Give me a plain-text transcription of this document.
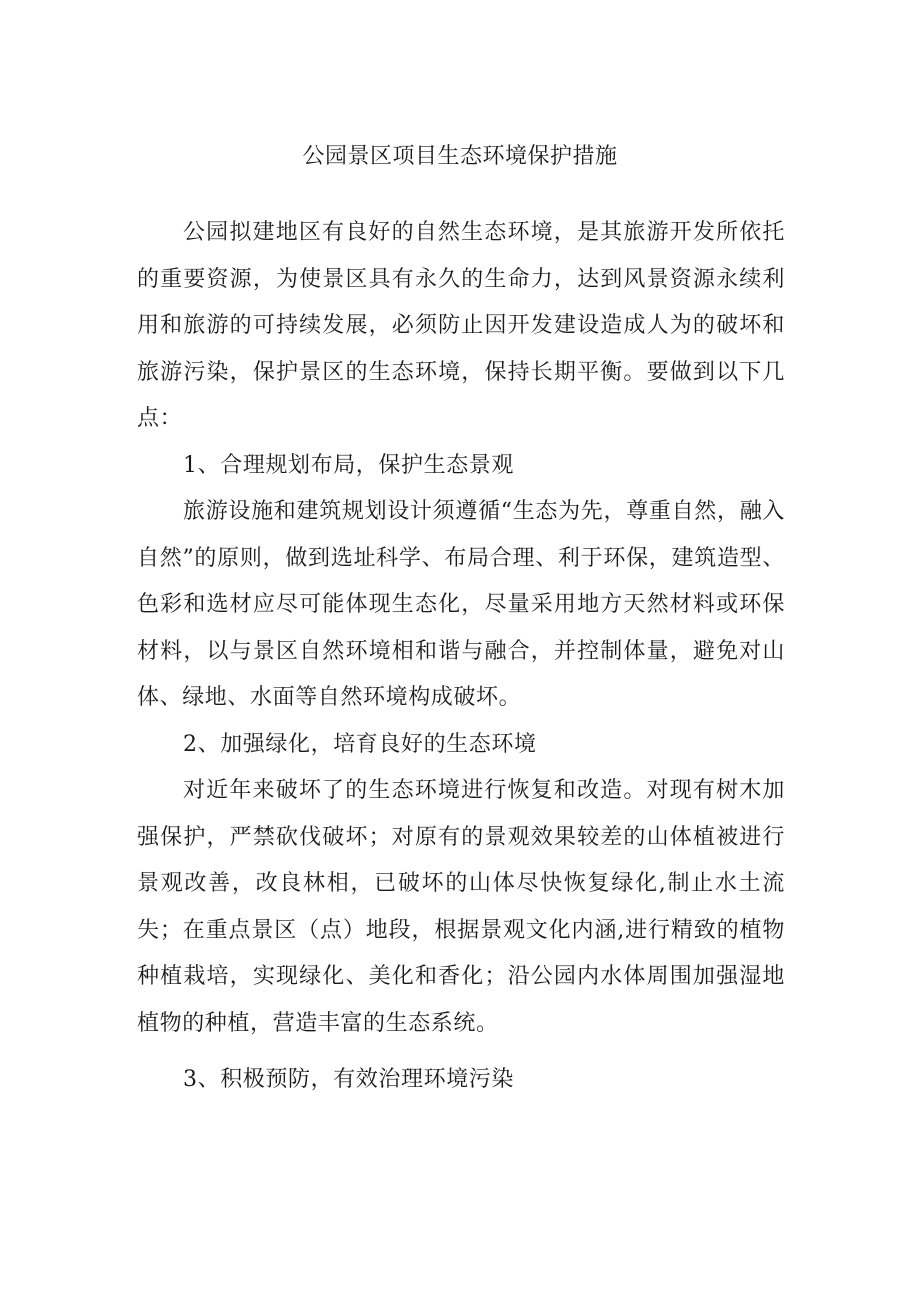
公园景区项目生态环境保护措施

公园拟建地区有良好的自然生态环境，是其旅游开发所依托的重要资源，为使景区具有永久的生命力，达到风景资源永续利用和旅游的可持续发展，必须防止因开发建设造成人为的破坏和旅游污染，保护景区的生态环境，保持长期平衡。要做到以下几点：

1、合理规划布局，保护生态景观

旅游设施和建筑规划设计须遵循“生态为先，尊重自然，融入自然”的原则，做到选址科学、布局合理、利于环保，建筑造型、色彩和选材应尽可能体现生态化，尽量采用地方天然材料或环保材料，以与景区自然环境相和谐与融合，并控制体量，避免对山体、绿地、水面等自然环境构成破坏。

2、加强绿化，培育良好的生态环境

对近年来破坏了的生态环境进行恢复和改造。对现有树木加强保护，严禁砍伐破坏；对原有的景观效果较差的山体植被进行景观改善，改良林相，已破坏的山体尽快恢复绿化,制止水土流失；在重点景区（点）地段，根据景观文化内涵,进行精致的植物种植栽培，实现绿化、美化和香化；沿公园内水体周围加强湿地植物的种植，营造丰富的生态系统。

3、积极预防，有效治理环境污染
